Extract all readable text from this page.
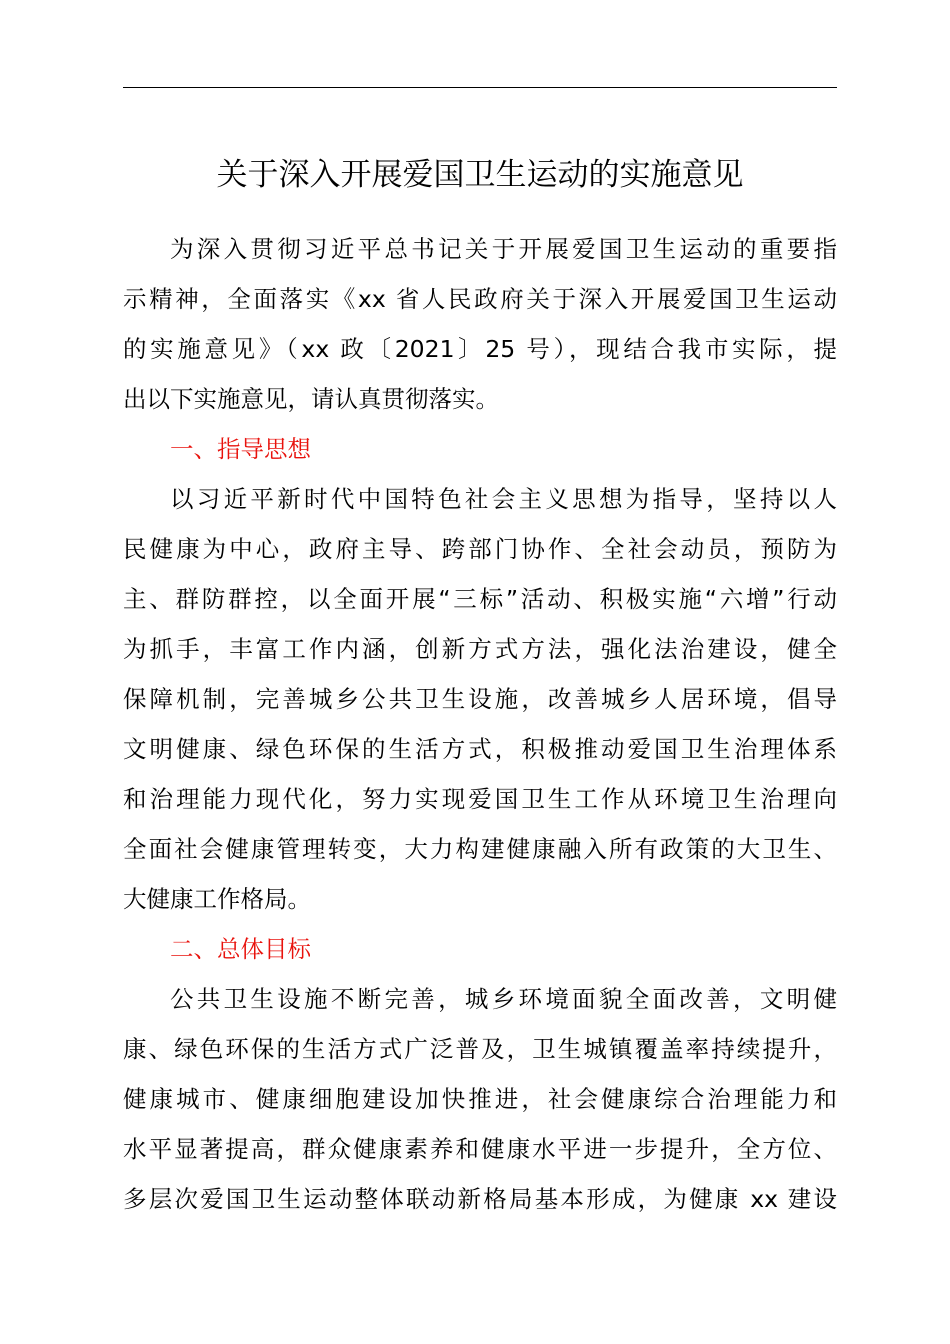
关于深入开展爱国卫生运动的实施意见
为深入贯彻习近平总书记关于开展爱国卫生运动的重要指
示精神，全面落实《xx 省人民政府关于深入开展爱国卫生运动
的实施意见》（xx 政〔2021〕25 号），现结合我市实际，提
出以下实施意见，请认真贯彻落实。
一、指导思想
以习近平新时代中国特色社会主义思想为指导，坚持以人
民健康为中心，政府主导、跨部门协作、全社会动员，预防为
主、群防群控，以全面开展“三标”活动、积极实施“六增”行动
为抓手，丰富工作内涵，创新方式方法，强化法治建设，健全
保障机制，完善城乡公共卫生设施，改善城乡人居环境，倡导
文明健康、绿色环保的生活方式，积极推动爱国卫生治理体系
和治理能力现代化，努力实现爱国卫生工作从环境卫生治理向
全面社会健康管理转变，大力构建健康融入所有政策的大卫生、
大健康工作格局。
二、总体目标
公共卫生设施不断完善，城乡环境面貌全面改善，文明健
康、绿色环保的生活方式广泛普及，卫生城镇覆盖率持续提升，
健康城市、健康细胞建设加快推进，社会健康综合治理能力和
水平显著提高，群众健康素养和健康水平进一步提升，全方位、
多层次爱国卫生运动整体联动新格局基本形成，为健康 xx 建设
